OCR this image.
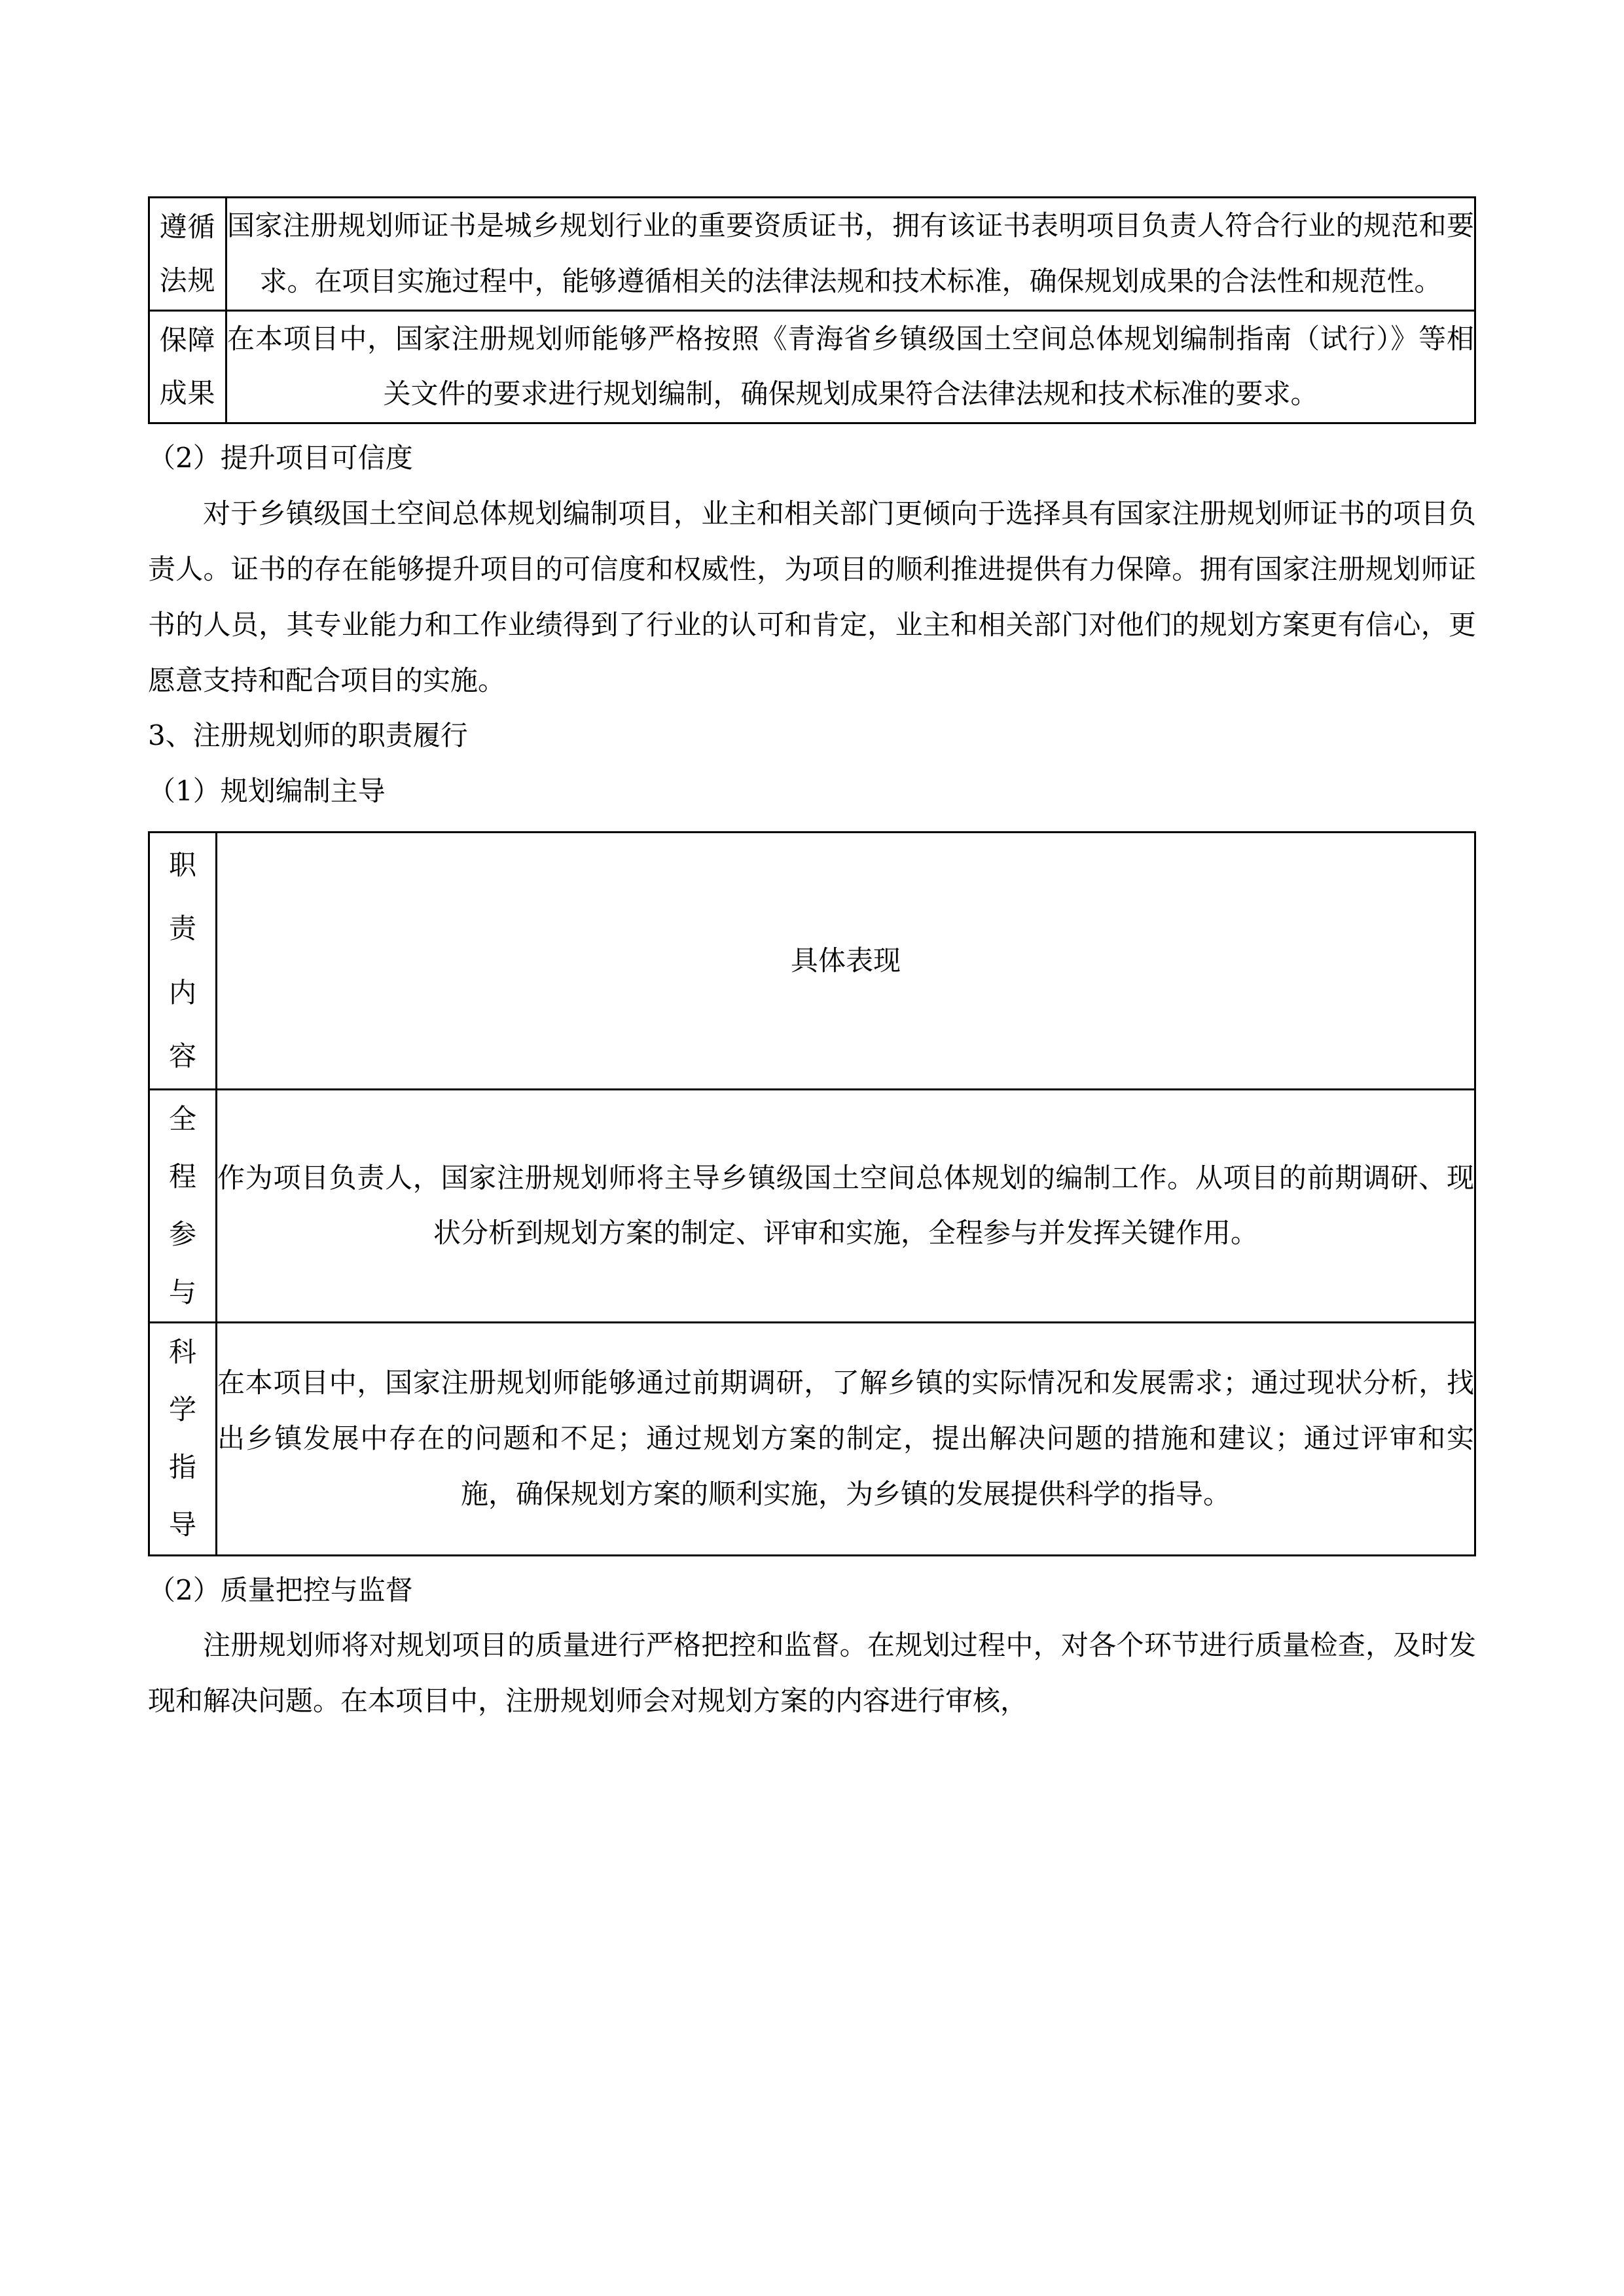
遵循
法规	国家注册规划师证书是城乡规划行业的重要资质证书，拥有该证书表明项目负责人符合行业的规范和要求。在项目实施过程中，能够遵循相关的法律法规和技术标准，确保规划成果的合法性和规范性。

保障
成果	在本项目中，国家注册规划师能够严格按照《青海省乡镇级国土空间总体规划编制指南（试行）》等相关文件的要求进行规划编制，确保规划成果符合法律法规和技术标准的要求。

（2）提升项目可信度

对于乡镇级国土空间总体规划编制项目，业主和相关部门更倾向于选择具有国家注册规划师证书的项目负责人。证书的存在能够提升项目的可信度和权威性，为项目的顺利推进提供有力保障。拥有国家注册规划师证书的人员，其专业能力和工作业绩得到了行业的认可和肯定，业主和相关部门对他们的规划方案更有信心，更愿意支持和配合项目的实施。

3、注册规划师的职责履行

（1）规划编制主导

职
责
内
容	具体表现

全
程
参
与	作为项目负责人，国家注册规划师将主导乡镇级国土空间总体规划的编制工作。从项目的前期调研、现状分析到规划方案的制定、评审和实施，全程参与并发挥关键作用。

科
学
指
导	在本项目中，国家注册规划师能够通过前期调研，了解乡镇的实际情况和发展需求；通过现状分析，找出乡镇发展中存在的问题和不足；通过规划方案的制定，提出解决问题的措施和建议；通过评审和实施，确保规划方案的顺利实施，为乡镇的发展提供科学的指导。

（2）质量把控与监督

注册规划师将对规划项目的质量进行严格把控和监督。在规划过程中，对各个环节进行质量检查，及时发现和解决问题。在本项目中，注册规划师会对规划方案的内容进行审核，
